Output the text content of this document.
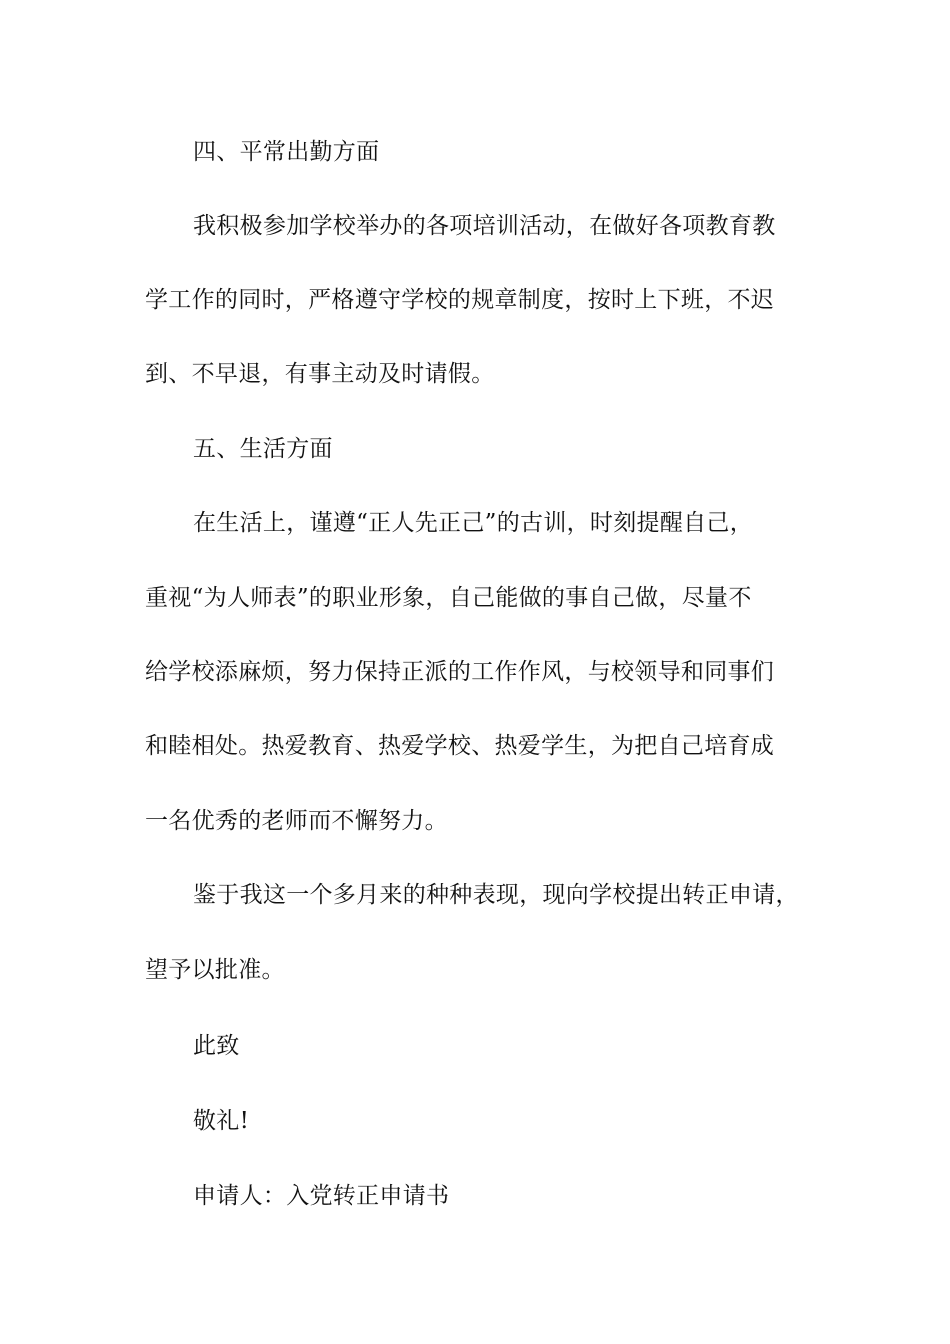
四、平常出勤方面

我积极参加学校举办的各项培训活动，在做好各项教育教

学工作的同时，严格遵守学校的规章制度，按时上下班，不迟

到、不早退，有事主动及时请假。

五、生活方面

在生活上，谨遵“正人先正己”的古训，时刻提醒自己，

重视“为人师表”的职业形象，自己能做的事自己做，尽量不

给学校添麻烦，努力保持正派的工作作风，与校领导和同事们

和睦相处。热爱教育、热爱学校、热爱学生，为把自己培育成

一名优秀的老师而不懈努力。

鉴于我这一个多月来的种种表现，现向学校提出转正申请，

望予以批准。

此致

敬礼!

申请人：入党转正申请书
